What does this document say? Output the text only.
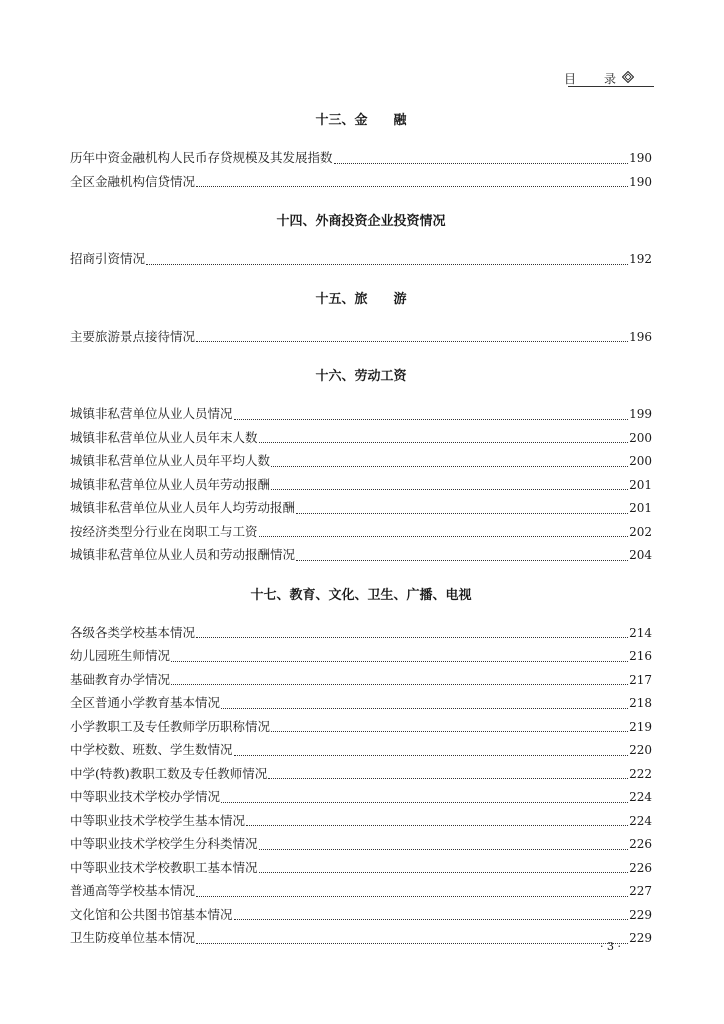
目 录
十三、金　　融
历年中资金融机构人民币存贷规模及其发展指数	190
全区金融机构信贷情况	190
十四、外商投资企业投资情况
招商引资情况	192
十五、旅　　游
主要旅游景点接待情况	196
十六、劳动工资
城镇非私营单位从业人员情况	199
城镇非私营单位从业人员年末人数	200
城镇非私营单位从业人员年平均人数	200
城镇非私营单位从业人员年劳动报酬	201
城镇非私营单位从业人员年人均劳动报酬	201
按经济类型分行业在岗职工与工资	202
城镇非私营单位从业人员和劳动报酬情况	204
十七、教育、文化、卫生、广播、电视
各级各类学校基本情况	214
幼儿园班生师情况	216
基础教育办学情况	217
全区普通小学教育基本情况	218
小学教职工及专任教师学历职称情况	219
中学校数、班数、学生数情况	220
中学(特教)教职工数及专任教师情况	222
中等职业技术学校办学情况	224
中等职业技术学校学生基本情况	224
中等职业技术学校学生分科类情况	226
中等职业技术学校教职工基本情况	226
普通高等学校基本情况	227
文化馆和公共图书馆基本情况	229
卫生防疫单位基本情况	229
· 3 ·
